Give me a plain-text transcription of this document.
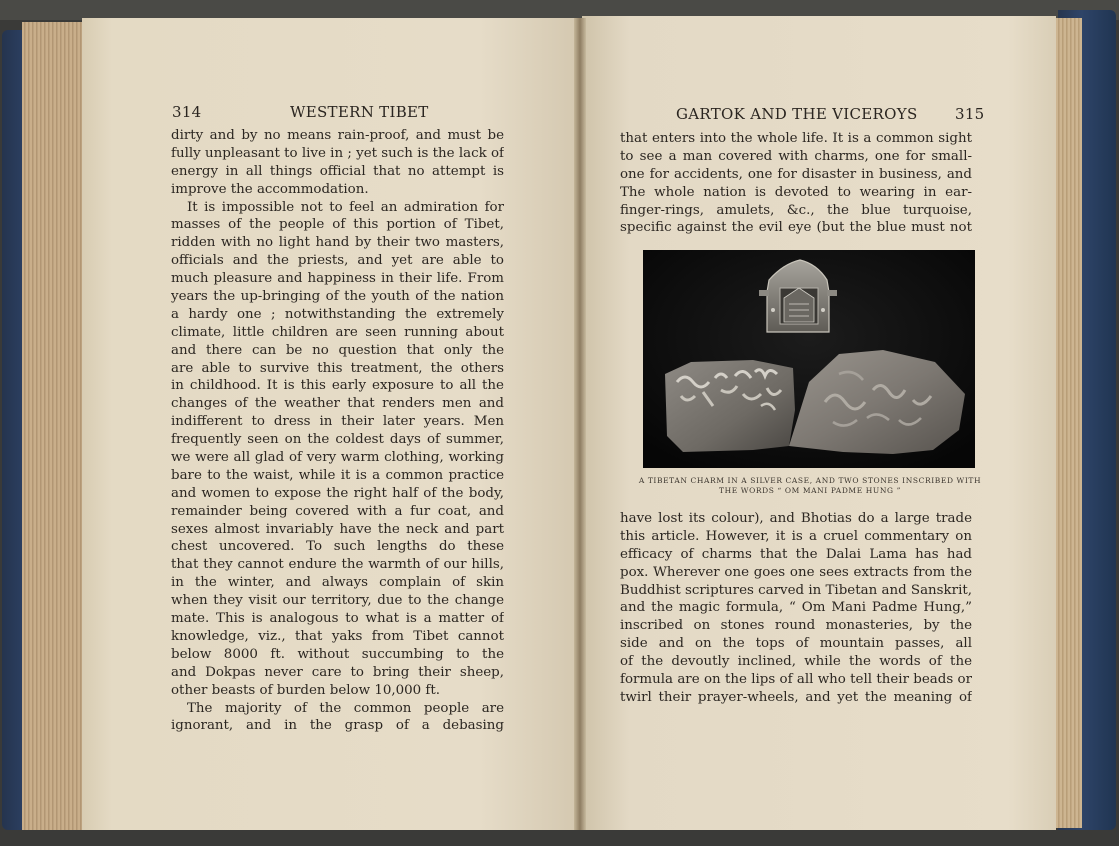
314	WESTERN TIBET
dirty and by no means rain-proof, and must be
fully unpleasant to live in ; yet such is the lack of
energy in all things official that no attempt is
improve the accommodation.
It is impossible not to feel an admiration for
masses of the people of this portion of Tibet,
ridden with no light hand by their two masters,
officials and the priests, and yet are able to
much pleasure and happiness in their life. From
years the up-bringing of the youth of the nation
a hardy one ; notwithstanding the extremely
climate, little children are seen running about
and there can be no question that only the
are able to survive this treatment, the others
in childhood. It is this early exposure to all the
changes of the weather that renders men and
indifferent to dress in their later years. Men
frequently seen on the coldest days of summer,
we were all glad of very warm clothing, working
bare to the waist, while it is a common practice
and women to expose the right half of the body,
remainder being covered with a fur coat, and
sexes almost invariably have the neck and part
chest uncovered. To such lengths do these
that they cannot endure the warmth of our hills,
in the winter, and always complain of skin
when they visit our territory, due to the change
mate. This is analogous to what is a matter of
knowledge, viz., that yaks from Tibet cannot
below 8000 ft. without succumbing to the
and Dokpas never care to bring their sheep,
other beasts of burden below 10,000 ft.
The majority of the common people are
ignorant, and in the grasp of a debasing
GARTOK AND THE VICEROYS 315
that enters into the whole life. It is a common sight
to see a man covered with charms, one for small-
one for accidents, one for disaster in business, and
The whole nation is devoted to wearing in ear-
finger-rings, amulets, &c., the blue turquoise,
specific against the evil eye (but the blue must not
A TIBETAN CHARM IN A SILVER CASE, AND TWO STONES INSCRIBED WITH
THE WORDS “ OM MANI PADME HUNG ”
have lost its colour), and Bhotias do a large trade
this article. However, it is a cruel commentary on
efficacy of charms that the Dalai Lama has had
pox. Wherever one goes one sees extracts from the
Buddhist scriptures carved in Tibetan and Sanskrit,
and the magic formula, “ Om Mani Padme Hung,”
inscribed on stones round monasteries, by the
side and on the tops of mountain passes, all
of the devoutly inclined, while the words of the
formula are on the lips of all who tell their beads or
twirl their prayer-wheels, and yet the meaning of
